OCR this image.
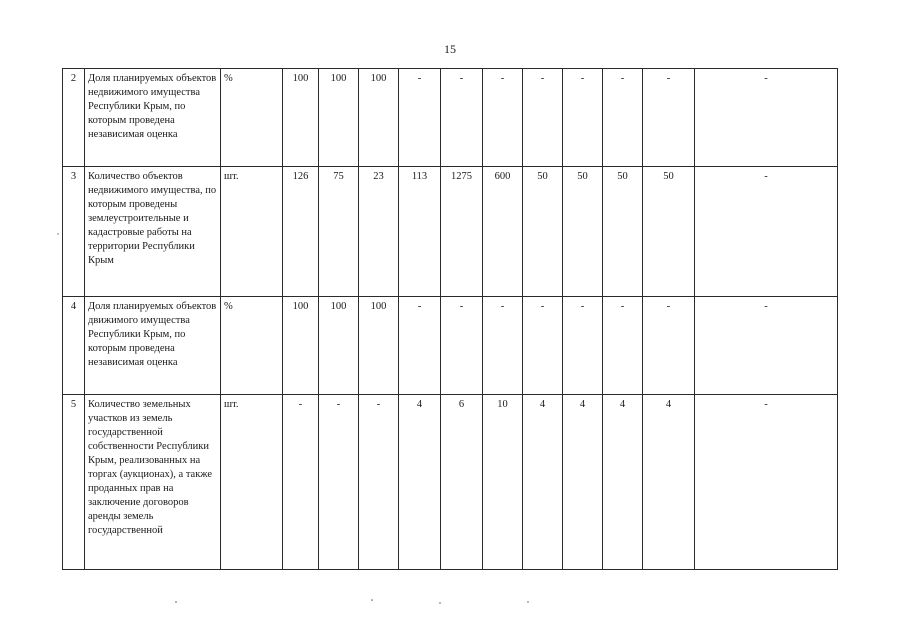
15
2	Доля планируемых объектов недвижимого имущества Республики Крым, по которым проведена независимая оценка	%	100	100	100	-	-	-	-	-	-	-	-
3	Количество объектов недвижимого имущества, по которым проведены землеустроительные и кадастровые работы на территории Республики Крым	шт.	126	75	23	113	1275	600	50	50	50	50	-
4	Доля планируемых объектов движимого имущества Республики Крым, по которым проведена независимая оценка	%	100	100	100	-	-	-	-	-	-	-	-
5	Количество земельных участков из земель государственной собственности Республики Крым, реализованных на торгах (аукционах), а также проданных прав на заключение договоров аренды земель государственной	шт.	-	-	-	4	6	10	4	4	4	4	-
